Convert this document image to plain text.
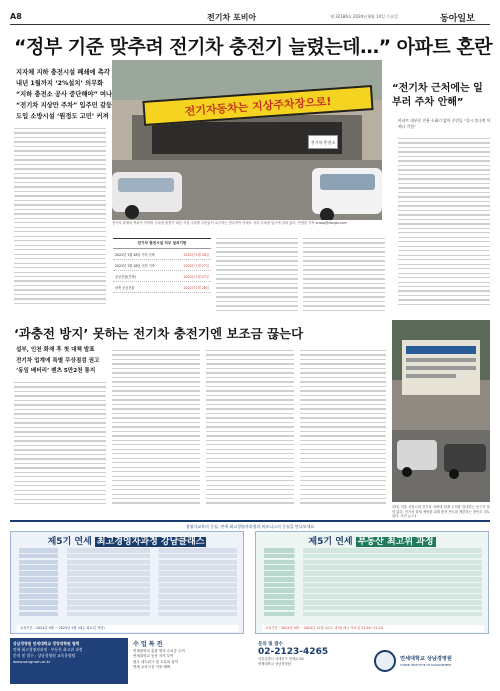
A8	전기차 포비아	제 32186호 2024년 8월 14일 수요일	동아일보
“정부 기준 맞추려 전기차 충전기 늘렸는데…” 아파트 혼란
지자체 지하 충전시설 폐쇄에 촉각
내년 1월까지 ‘2%설치’ 의무화
“지하 충전소 공사 중단해야” 여나
“전기차 지상만 주차” 입주민 갈등
도입 소방시설 ‘원정도 고민’ 커져	전기자동차는 지상주차장으로!
아파트관리사무소
전기차 충전소
전기차 화재의 여파가 커지며 주차장 충전기 대신 지상 주차를 주민들이 요구하는 현수막이 아파트 지하 주차장 입구에 걸려 있다. 전영한 기자 scoop@donga.com
전기차 충전시설 의무 설치기한
2022년 1월 28일 이후 신축	2022년 1월 28일
2022년 1월 28일 이전 기축	2025년 1월 27일
공공건물(기축)	2023년 1월 27일
신축 공공건물	2022년 1월 28일
“전기차 근처에는 일부러 주차 안해”
아파트 대부분 전용 소화기 없어 주민들 “혹시 불나면 어쩌나 걱정”
‘과충전 방지’ 못하는 전기차 충전기엔 보조금 끊는다
설부, 인천 화재 후 첫 대책 발표
전기차 업계에 특별 무상점검 권고
‘동일 배터리’ 벤츠 5만2천 통지
13일 서울 서울시내 전기차 차량에 화재 주의를 안내하는 문구가 붙어 있다. 전기차 화재 예방을 위해 충전 빈도를 제한하는 방안도 검토된다. 사진 뉴스1
경영자교육의 중심, 연세 최고경영자과정의 비즈니스의 중심을 만나보세요
제5기 연세 최고경영자과정 강남클래스
교육기간 : 2024년 9월 ~ 2025년 2월 (매주 화요일 저녁)
제5기 연세 부동산 최고위 과정
교육기간 : 2024년 9월 ~ 2024년 12월 (12주 과정) 매주 목요일 17:40~21:10
상남경영원 연세대학교 경영대학원 협력
연세 최고경영자과정 · 부동산 최고위 과정
문의 및 접수 : 상남경영원 교육운영팀
www.sangnam.or.kr
수 업 특 전
연세대학교 총장 명의 수료증 수여
연세대학교 동문 자격 부여
원우 네트워크 및 교류회 참여
연세 교육시설 이용 혜택
문의 및 접수
02-2123-4265
서울특별시 서대문구 연세로 50
연세대학교 상남경영원
연세대학교 상남경영원
YONSEI INSTITUTE OF MANAGEMENT
